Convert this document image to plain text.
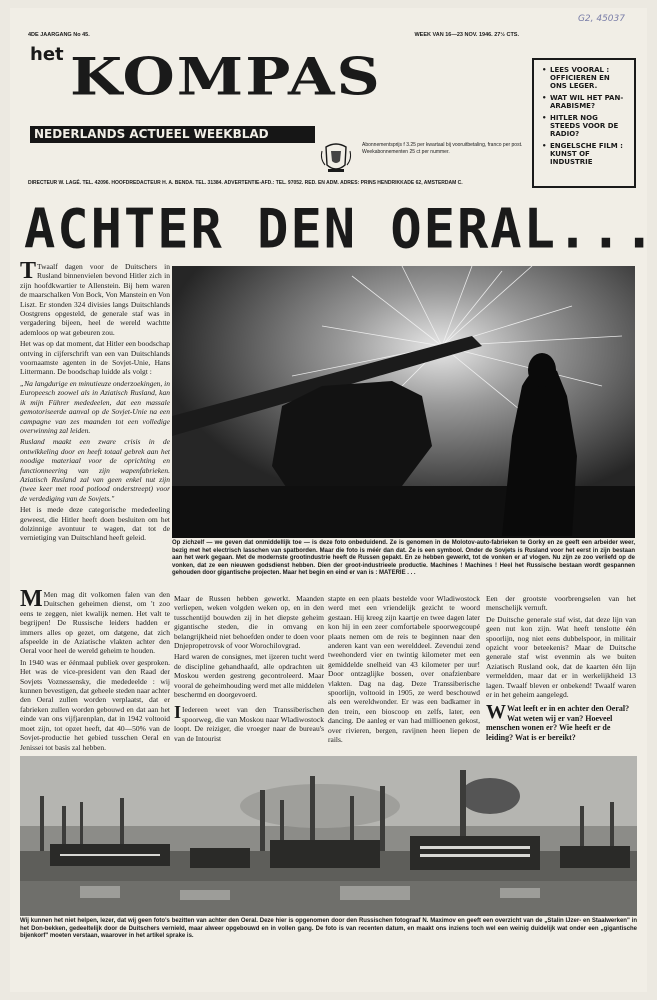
G2, 45037
4DE JAARGANG No 45.	WEEK VAN 16—23 NOV. 1946. 27½ CTS.
het KOMPAS
NEDERLANDS ACTUEEL WEEKBLAD
Abonnementsprijs f 3.25 per kwartaal bij vooruitbetaling, franco per post. Weekabonnementen 25 ct per nummer.
• LEES VOORAL : OFFICIEREN EN ONS LEGER.
• WAT WIL HET PAN-ARABISME?
• HITLER NOG STEEDS VOOR DE RADIO?
• ENGELSCHE FILM : KUNST OF INDUSTRIE
DIRECTEUR W. LAGÉ. TEL. 42096. HOOFDREDACTEUR H. A. BENDA. TEL. 31384. ADVERTENTIE-AFD.: TEL. 97052. RED. EN ADM. ADRES: PRINS HENDRIKKADE 62, AMSTERDAM C.
ACHTER DEN OERAL...

T Twaalf dagen voor de Duitschers in Rusland binnenvielen bevond Hitler zich in zijn hoofdkwartier te Allenstein. Bij hem waren de maarschalken Von Bock, Von Manstein en Von Liszt. Er stonden 324 divisies langs Duitschlands Oostgrens opgesteld, de generale staf was in vergadering bijeen, heel de wereld wachtte ademloos op wat gebeuren zou.

Het was op dat moment, dat Hitler een boodschap ontving in cijferschrift van een van Duitschlands voornaamste agenten in de Sovjet-Unie, Hans Littermann. De boodschap luidde als volgt :

„Na langdurige en minutieuze onderzoekingen, in Europeesch zoowel als in Aziatisch Rusland, kan ik mijn Führer mededeelen, dat een massale gemotoriseerde aanval op de Sovjet-Unie na een campagne van zes maanden tot een volledige overwinning zal leiden.

Rusland maakt een zware crisis in de ontwikkeling door en heeft totaal gebrek aan het noodige materiaal voor de oprichting en functionneering van zijn wapenfabrieken. Aziatisch Rusland zal van geen enkel nut zijn (twee keer met rood potlood onderstreept) voor de verdediging van de Sovjets."

Het is mede deze categorische mededeeling geweest, die Hitler heeft doen besluiten om het dolzinnige avontuur te wagen, dat tot de vernietiging van Duitschland heeft geleid.

Op zichzelf — we geven dat onmiddellijk toe — is deze foto onbeduidend. Ze is genomen in de Molotov-auto-fabrieken te Gorky en ze geeft een arbeider weer, bezig met het electrisch lasschen van spatborden. Maar die foto is méér dan dat. Ze is een symbool. Onder de Sovjets is Rusland voor het eerst in zijn bestaan aan het werk gegaan. Met de modernste grootindustrie heeft de Russen gepakt. En ze hebben gewerkt, tot de vonken er af vlogen. Nu zijn ze zoo verliefd op de vonken, dat ze een nieuwen godsdienst hebben. Dien der groot-industrieele productie. Machines ! Machines ! Heel het Russische bestaan wordt gespannen gehouden door gigantische projecten. Maar het begin en eind er van is : MATERIE . . .

M Men mag dit volkomen falen van den Duitschen geheimen dienst, om 't zoo eens te zeggen, niet kwalijk nemen. Het valt te begrijpen! De Russische leiders hadden er immers alles op gezet, om datgene, dat zich afspeelde in de Aziatische vlakten achter den Oeral voor heel de wereld geheim te houden.

In 1940 was er éénmaal publiek over gesproken. Het was de vice-president van den Raad der Sovjets Voznessensky, die mededeelde : wij kunnen bevestigen, dat geheele steden naar achter den Oeral zullen worden verplaatst, dat er fabrieken zullen worden gebouwd en dat aan het einde van ons vijfjarenplan, dat in 1942 voltooid moet zijn, tot opzet heeft, dat 40—50% van de Sovjet-productie het gebied tusschen Oeral en Jenissei tot basis zal hebben.

Maar de Russen hebben gewerkt. Maanden verliepen, weken volgden weken op, en in den tusschentijd bouwden zij in het diepste geheim gigantische steden, die in omvang en belangrijkheid niet behoefden onder te doen voor Dnjepropetrovsk of voor Worochilovgrad.

Hard waren de consignes, met ijzeren tucht werd de discipline gehandhaafd, alle opdrachten uit Moskou werden gestreng gecontroleerd. Maar vooral de geheimhouding werd met alle middelen beschermd en doorgevoerd.

I Iedereen weet van den Transsiberischen spoorweg, die van Moskou naar Wladiwostock loopt. De reiziger, die vroeger naar de bureau's van de Intourist

stapte en een plaats bestelde voor Wladiwostock werd met een vriendelijk gezicht te woord gestaan. Hij kreeg zijn kaartje en twee dagen later kon hij in een zeer comfortabele spoorwegcoupé plaats nemen om de reis te beginnen naar den anderen kant van een werelddeel. Zevendui zend tweehonderd vier en twintig kilometer met een gemiddelde snelheid van 43 kilometer per uur! Door ontzaglijke bossen, over onafzienbare vlakten. Dag na dag. Deze Transsiberische spoorlijn, voltooid in 1905, ze werd beschouwd als een wereldwonder. Er was een badkamer in den trein, een bioscoop en zelfs, later, een dancing. De aanleg er van had millioenen gekost, over rivieren, bergen, ravijnen heen liepen de rails.

Een der grootste voorbrengselen van het menschelijk vernuft.

De Duitsche generale staf wist, dat deze lijn van geen nut kon zijn. Wat heeft tenslotte één spoorlijn, nog niet eens dubbelspoor, in militair opzicht voor beteekenis? Maar de Duitsche generale staf wist evenmin als we buiten Aziatisch Rusland ook, dat de kaarten één lijn vermeldden, maar dat er in werkelijkheid 13 lagen. Twaalf bleven er onbekend! Twaalf waren er in het geheim aangelegd.

W Wat leeft er in en achter den Oeral? Wat weten wij er van? Hoeveel menschen wonen er? Wie heeft er de leiding? Wat is er bereikt?
Wij kunnen het niet helpen, lezer, dat wij geen foto's bezitten van achter den Oeral. Deze hier is opgenomen door den Russischen fotograaf N. Maximov en geeft een overzicht van de „Stalin IJzer- en Staalwerken" in het Don-bekken, gedeeltelijk door de Duitschers vernield, maar alweer opgebouwd en in vollen gang. De foto is van recenten datum, en maakt ons inziens toch wel een weinig duidelijk wat onder een „gigantische bijenkorf" moeten verstaan, waarover in het artikel sprake is.
